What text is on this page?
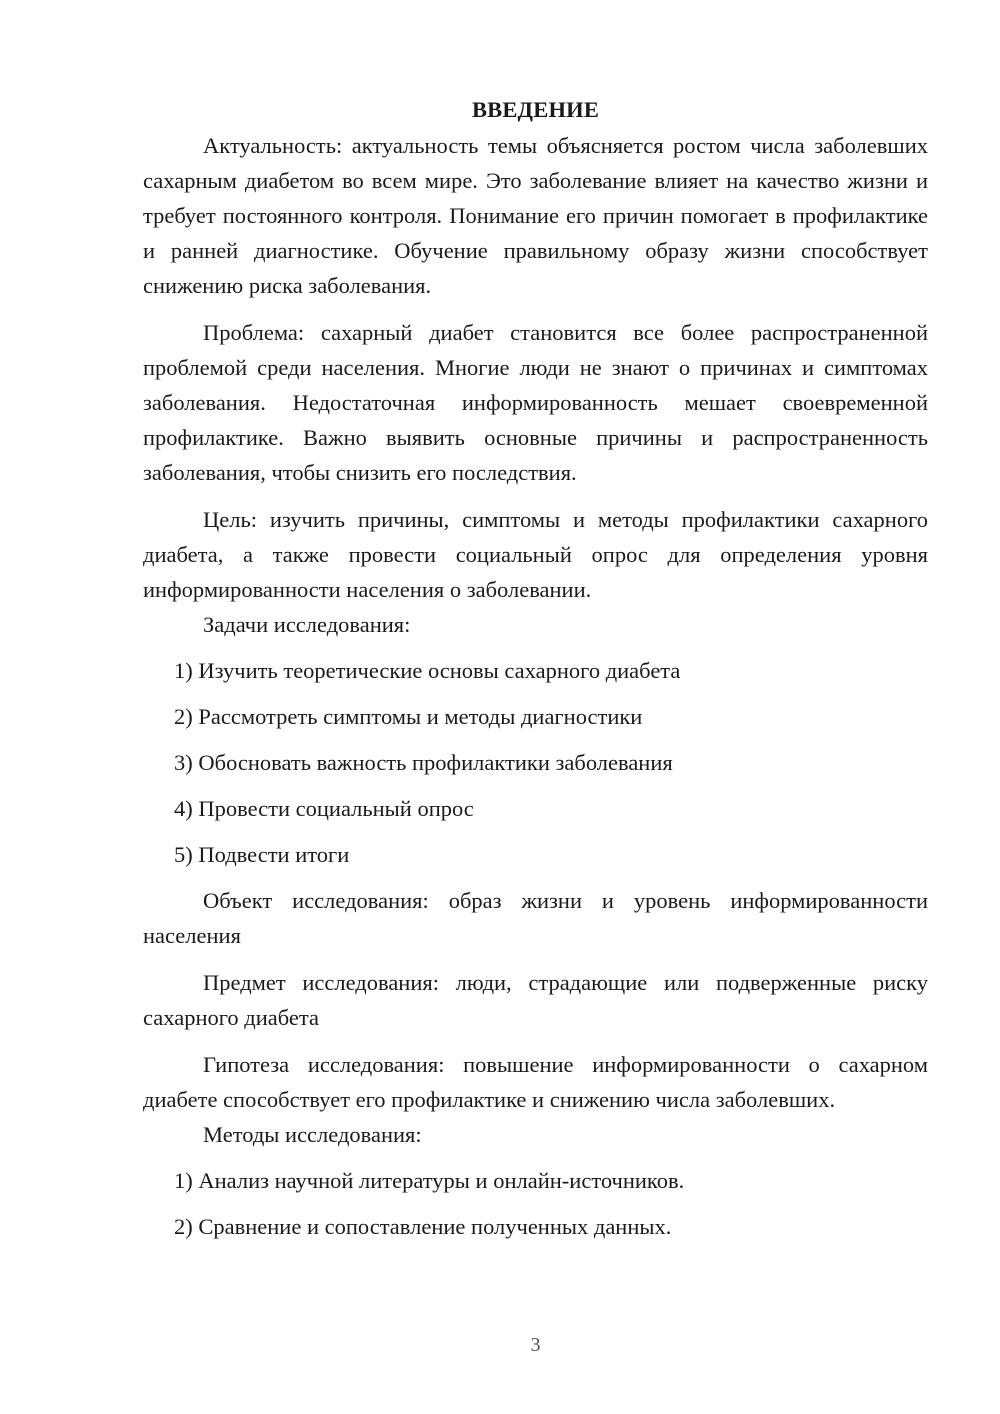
ВВЕДЕНИЕ

Актуальность: актуальность темы объясняется ростом числа заболевших сахарным диабетом во всем мире. Это заболевание влияет на качество жизни и требует постоянного контроля. Понимание его причин помогает в профилактике и ранней диагностике. Обучение правильному образу жизни способствует снижению риска заболевания.

Проблема: сахарный диабет становится все более распространенной проблемой среди населения. Многие люди не знают о причинах и симптомах заболевания. Недостаточная информированность мешает своевременной профилактике. Важно выявить основные причины и распространенность заболевания, чтобы снизить его последствия.

Цель: изучить причины, симптомы и методы профилактики сахарного диабета, а также провести социальный опрос для определения уровня информированности населения о заболевании.

Задачи исследования:

1) Изучить теоретические основы сахарного диабета

2) Рассмотреть симптомы и методы диагностики

3) Обосновать важность профилактики заболевания

4) Провести социальный опрос

5) Подвести итоги

Объект исследования: образ жизни и уровень информированности населения

Предмет исследования: люди, страдающие или подверженные риску сахарного диабета

Гипотеза исследования: повышение информированности о сахарном диабете способствует его профилактике и снижению числа заболевших.

Методы исследования:

1) Анализ научной литературы и онлайн-источников.

2) Сравнение и сопоставление полученных данных.

3
